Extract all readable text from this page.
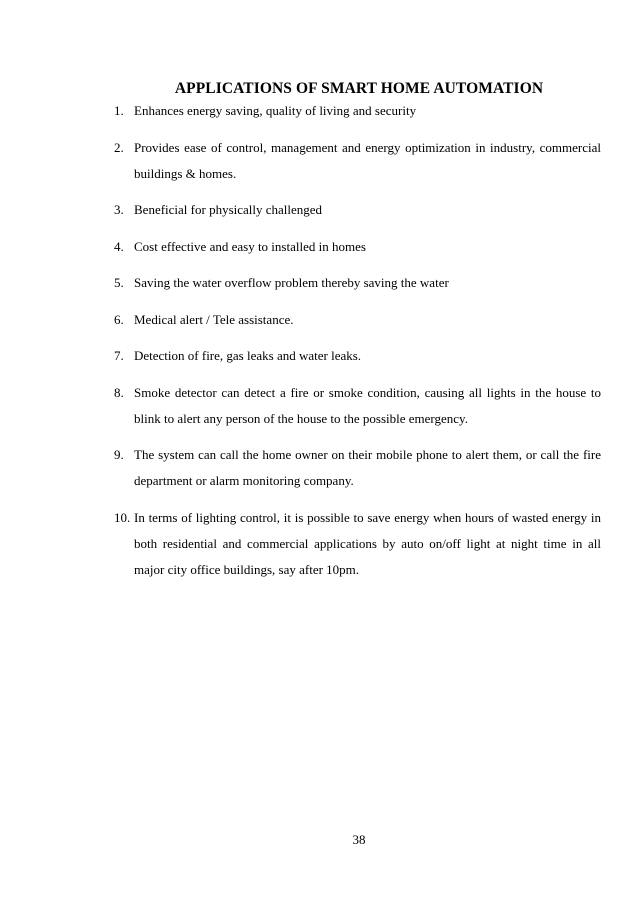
APPLICATIONS OF SMART HOME AUTOMATION
1. Enhances energy saving, quality of living and security
2. Provides ease of control, management and energy optimization in industry, commercial buildings & homes.
3. Beneficial for physically challenged
4. Cost effective and easy to installed in homes
5. Saving the water overflow problem thereby saving the water
6. Medical alert / Tele assistance.
7. Detection of fire, gas leaks and water leaks.
8. Smoke detector can detect a fire or smoke condition, causing all lights in the house to blink to alert any person of the house to the possible emergency.
9. The system can call the home owner on their mobile phone to alert them, or call the fire department or alarm monitoring company.
10. In terms of lighting control, it is possible to save energy when hours of wasted energy in both residential and commercial applications by auto on/off light at night time in all major city office buildings, say after 10pm.
38
